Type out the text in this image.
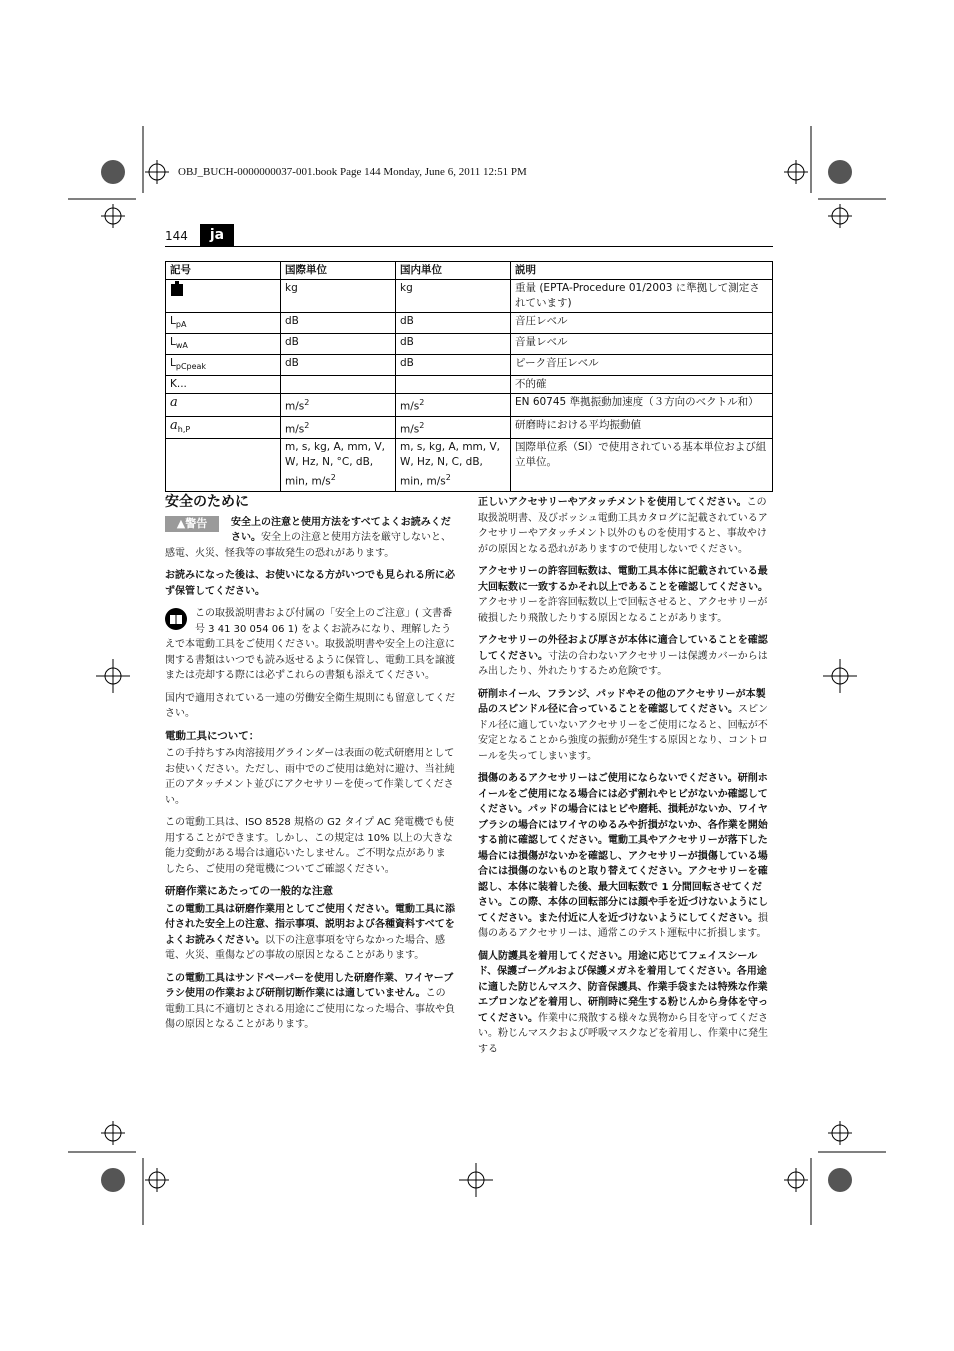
OBJ_BUCH-0000000037-001.book Page 144 Monday, June 6, 2011 12:51 PM
144	ja
記号	国際単位	国内単位	説明
	kg	kg	重量 (EPTA-Procedure 01/2003 に準拠して測定されています)
$L_{pA}$	dB	dB	音圧レベル
$L_{wA}$	dB	dB	音量レベル
$L_{pCpeak}$	dB	dB	ピーク音圧レベル
K...			不的確
a	$m/s^2$	$m/s^2$	EN 60745 準拠振動加速度（３方向のベクトル和）
$a_{h,P}$	$m/s^2$	$m/s^2$	研磨時における平均振動値
	m, s, kg, A, mm, V, W, Hz, N, °C, dB, min, $m/s^2$	m, s, kg, A, mm, V, W, Hz, N, C, dB, min, $m/s^2$	国際単位系（SI）で使用されている基本単位および組立単位。
安全のために

▲警告	安全上の注意と使用方法をすべてよくお読みください。安全上の注意と使用方法を厳守しないと、感電、火災、怪我等の事故発生の恐れがあります。

お読みになった後は、お使いになる方がいつでも見られる所に必ず保管してください。

この取扱説明書および付属の「安全上のご注意」( 文書番号 3 41 30 054 06 1) をよくお読みになり、理解したうえで本電動工具をご使用ください。取扱説明書や安全上の注意に関する書類はいつでも読み返せるように保管し、電動工具を譲渡または売却する際には必ずこれらの書類も添えてください。

国内で適用されている一連の労働安全衛生規則にも留意してください。

電動工具について：

この手持ちすみ肉溶接用グラインダーは表面の乾式研磨用としてお使いください。ただし、雨中でのご使用は絶対に避け、当社純正のアタッチメント並びにアクセサリーを使って作業してください。

この電動工具は、ISO 8528 規格の G2 タイプ AC 発電機でも使用することができます。しかし、この規定は 10% 以上の大きな能力変動がある場合は適応いたしません。ご不明な点がありましたら、ご使用の発電機についてご確認ください。

研磨作業にあたっての一般的な注意

この電動工具は研磨作業用としてご使用ください。電動工具に添付された安全上の注意、指示事項、説明および各種資料すべてをよくお読みください。以下の注意事項を守らなかった場合、感電、火災、重傷などの事故の原因となることがあります。

この電動工具はサンドペーパーを使用した研磨作業、ワイヤーブラシ使用の作業および研削切断作業には適していません。この電動工具に不適切とされる用途にご使用になった場合、事故や負傷の原因となることがあります。

正しいアクセサリーやアタッチメントを使用してください。この取扱説明書、及びボッシュ電動工具カタログに記載されているアクセサリーやアタッチメント以外のものを使用すると、事故やけがの原因となる恐れがありますので使用しないでください。

アクセサリーの許容回転数は、電動工具本体に記載されている最大回転数に一致するかそれ以上であることを確認してください。アクセサリーを許容回転数以上で回転させると、アクセサリーが破損したり飛散したりする原因となることがあります。

アクセサリーの外径および厚さが本体に適合していることを確認してください。寸法の合わないアクセサリーは保護カバーからはみ出したり、外れたりするため危険です。

研削ホイール、フランジ、パッドやその他のアクセサリーが本製品のスピンドル径に合っていることを確認してください。スピンドル径に適していないアクセサリーをご使用になると、回転が不安定となることから強度の振動が発生する原因となり、コントロールを失ってしまいます。

損傷のあるアクセサリーはご使用にならないでください。研削ホイールをご使用になる場合には必ず割れやヒビがないか確認してください。パッドの場合にはヒビや磨耗、損耗がないか、ワイヤブラシの場合にはワイヤのゆるみや折損がないか、各作業を開始する前に確認してください。電動工具やアクセサリーが落下した場合には損傷がないかを確認し、アクセサリーが損傷している場合には損傷のないものと取り替えてください。アクセサリーを確認し、本体に装着した後、最大回転数で 1 分間回転させてください。この際、本体の回転部分には顔や手を近づけないようにしてください。また付近に人を近づけないようにしてください。損傷のあるアクセサリーは、通常このテスト運転中に折損します。

個人防護具を着用してください。用途に応じてフェイスシールド、保護ゴーグルおよび保護メガネを着用してください。各用途に適した防じんマスク、防音保護具、作業手袋または特殊な作業エプロンなどを着用し、研削時に発生する粉じんから身体を守ってください。作業中に飛散する様々な異物から目を守ってください。粉じんマスクおよび呼吸マスクなどを着用し、作業中に発生する
